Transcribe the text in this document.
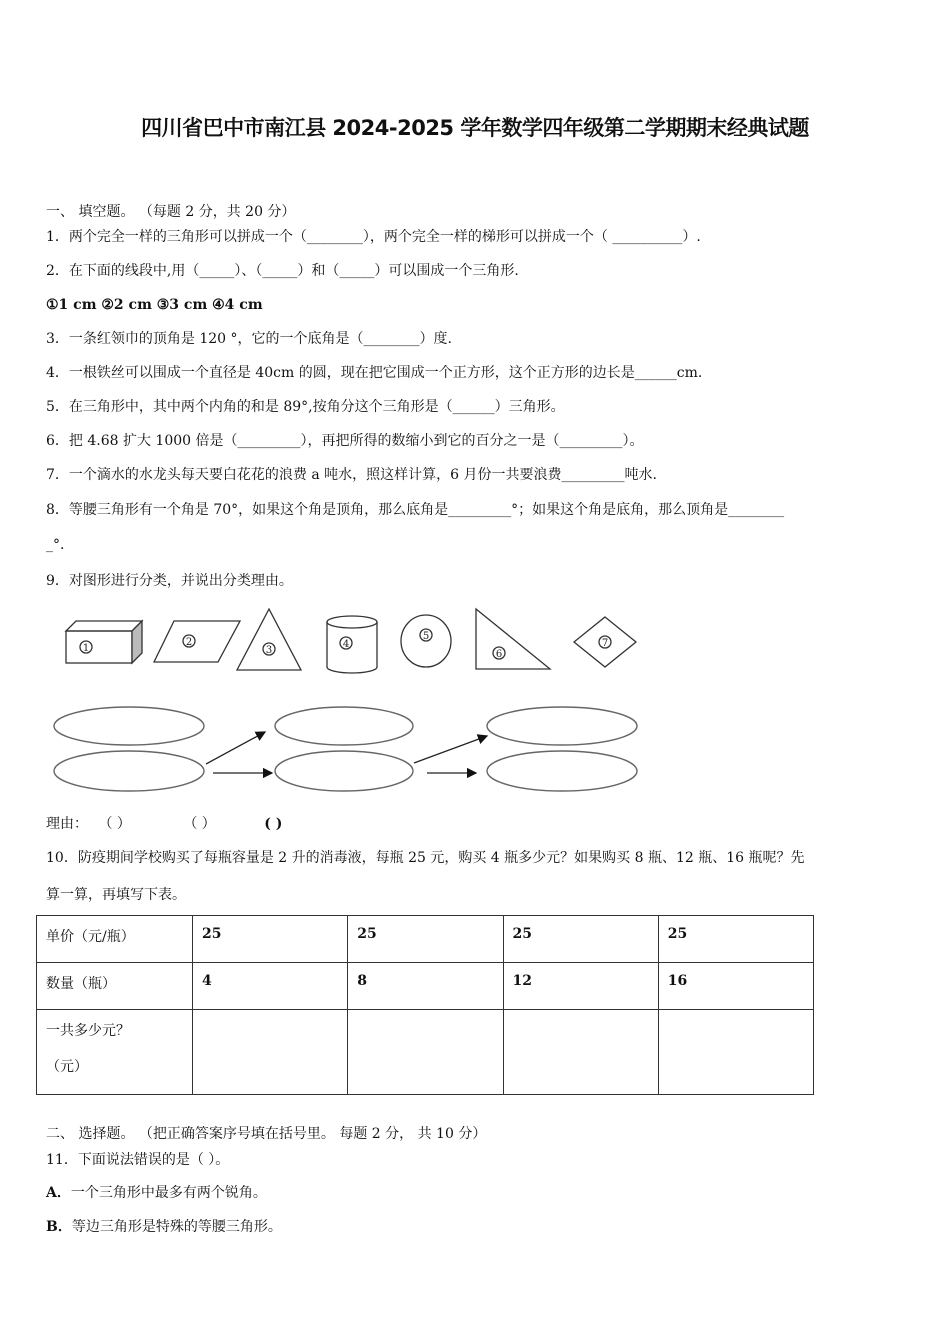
四川省巴中市南江县 2024-2025 学年数学四年级第二学期期末经典试题
一、 填空题。 （每题 2 分，共 20 分）
1．两个完全一样的三角形可以拼成一个（________），两个完全一样的梯形可以拼成一个（ __________）.
2．在下面的线段中,用（_____）、（_____）和（_____）可以围成一个三角形.
①1 cm ②2 cm ③3 cm ④4 cm
3．一条红领巾的顶角是 120 °，它的一个底角是（________）度.
4．一根铁丝可以围成一个直径是 40cm 的圆，现在把它围成一个正方形，这个正方形的边长是______cm.
5．在三角形中，其中两个内角的和是 89°,按角分这个三角形是（______）三角形。
6．把 4.68 扩大 1000 倍是（_________），再把所得的数缩小到它的百分之一是（_________）。
7．一个滴水的水龙头每天要白花花的浪费 a 吨水，照这样计算，6 月份一共要浪费_________吨水.
8．等腰三角形有一个角是 70°，如果这个角是顶角，那么底角是_________°；如果这个角是底角，那么顶角是________
_°.
9．对图形进行分类，并说出分类理由。
1
2
3
4
5
6
7
理由： （ ）	（ ）	( )
10．防疫期间学校购买了每瓶容量是 2 升的消毒液，每瓶 25 元，购买 4 瓶多少元？如果购买 8 瓶、12 瓶、16 瓶呢？先
算一算，再填写下表。
单价（元/瓶）	25	25	25	25
数量（瓶）	4	8	12	16

一共多少元？
（元）				

二、 选择题。 （把正确答案序号填在括号里。 每题 2 分， 共 10 分）
11．下面说法错误的是（ ）。
A．一个三角形中最多有两个锐角。
B．等边三角形是特殊的等腰三角形。
